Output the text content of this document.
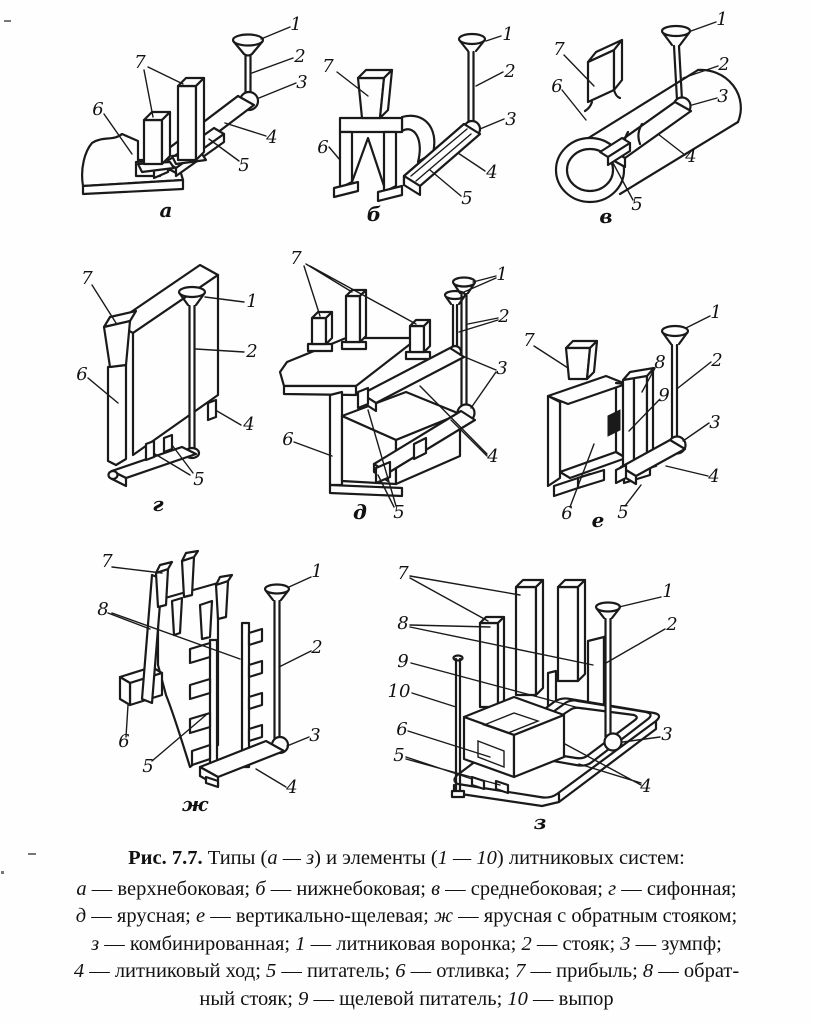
1
2
3
4
5
6
7
а
7
6
1
2
3
4
5
б
1
2
3
4
5
6
7
в
7
6
1
2
4
5
г
7
1
2
3
4
5
6
д
1
2
3
4
5
6
7
8
9
е
7
8
6
5
1
2
3
4
ж
7
8
9
10
6
5
1
2
3
4
з
Рис. 7.7. Типы (а — з) и элементы (1 — 10) литниковых систем:
а — верхнебоковая; б — нижнебоковая; в — среднебоковая; г — сифонная;
д — ярусная; е — вертикально-щелевая; ж — ярусная с обратным стояком;
з — комбинированная; 1 — литниковая воронка; 2 — стояк; 3 — зумпф;
4 — литниковый ход; 5 — питатель; 6 — отливка; 7 — прибыль; 8 — обрат-
ный стояк; 9 — щелевой питатель; 10 — выпор
